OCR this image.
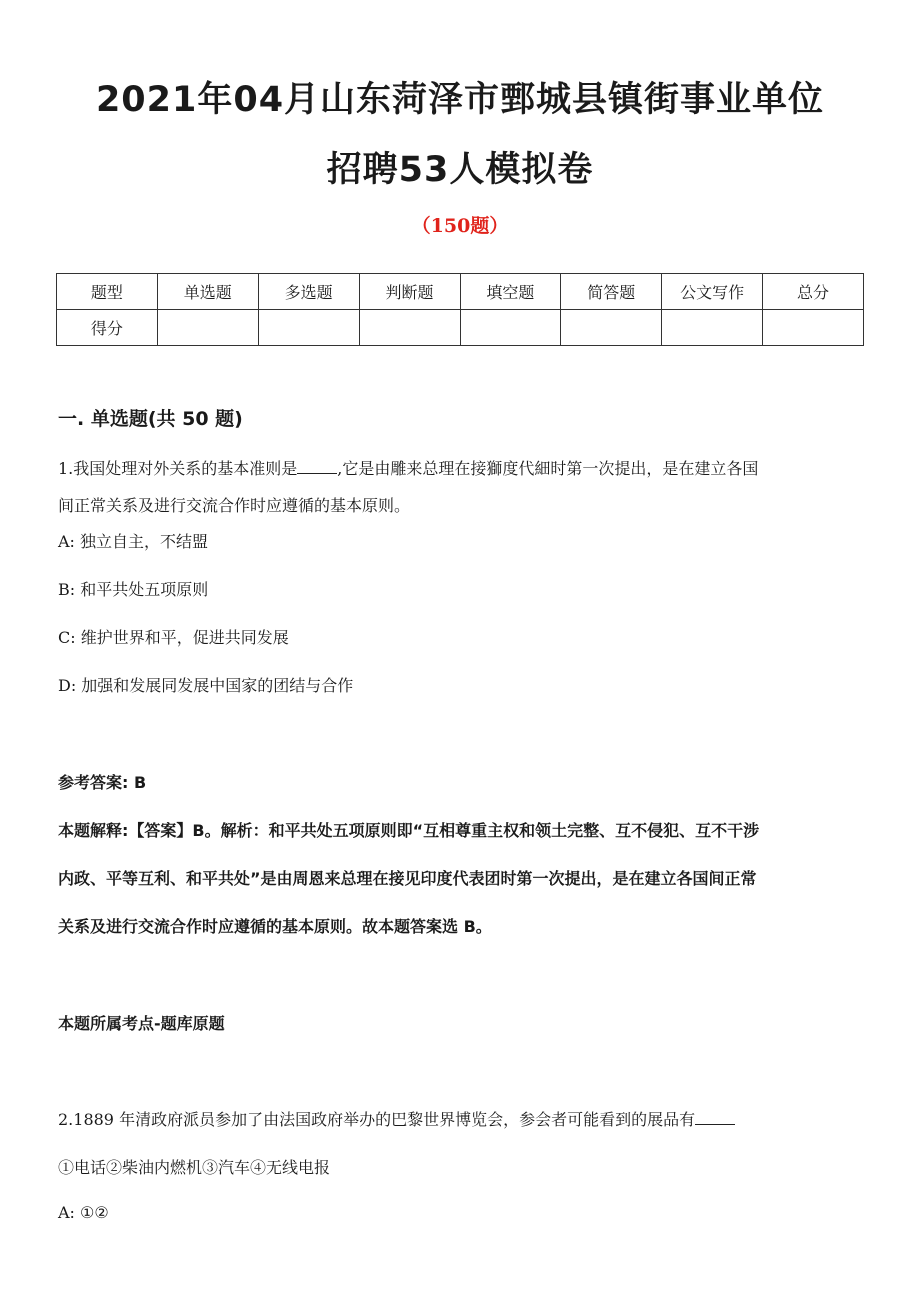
2021年04月山东菏泽市鄄城县镇街事业单位
招聘53人模拟卷
（150题）
题型	单选题	多选题	判断题	填空题	简答题	公文写作	总分
得分							
一. 单选题(共 50 题)
1.我国处理对外关系的基本准则是	,它是由雕来总理在接獅度代細时第一次提出，是在建立各国
间正常关系及进行交流合作时应遵循的基本原则。
A: 独立自主，不结盟
B: 和平共处五项原则
C: 维护世界和平，促进共同发展
D: 加强和发展同发展中国家的团结与合作
参考答案: B
本题解释:【答案】B。解析：和平共处五项原则即“互相尊重主权和领土完整、互不侵犯、互不干涉
内政、平等互利、和平共处”是由周恩来总理在接见印度代表团时第一次提出，是在建立各国间正常
关系及进行交流合作时应遵循的基本原则。故本题答案选 B。
本题所属考点-题库原题
2.1889 年清政府派员参加了由法国政府举办的巴黎世界博览会，参会者可能看到的展品有
①电话②柴油内燃机③汽车④无线电报
A: ①②
